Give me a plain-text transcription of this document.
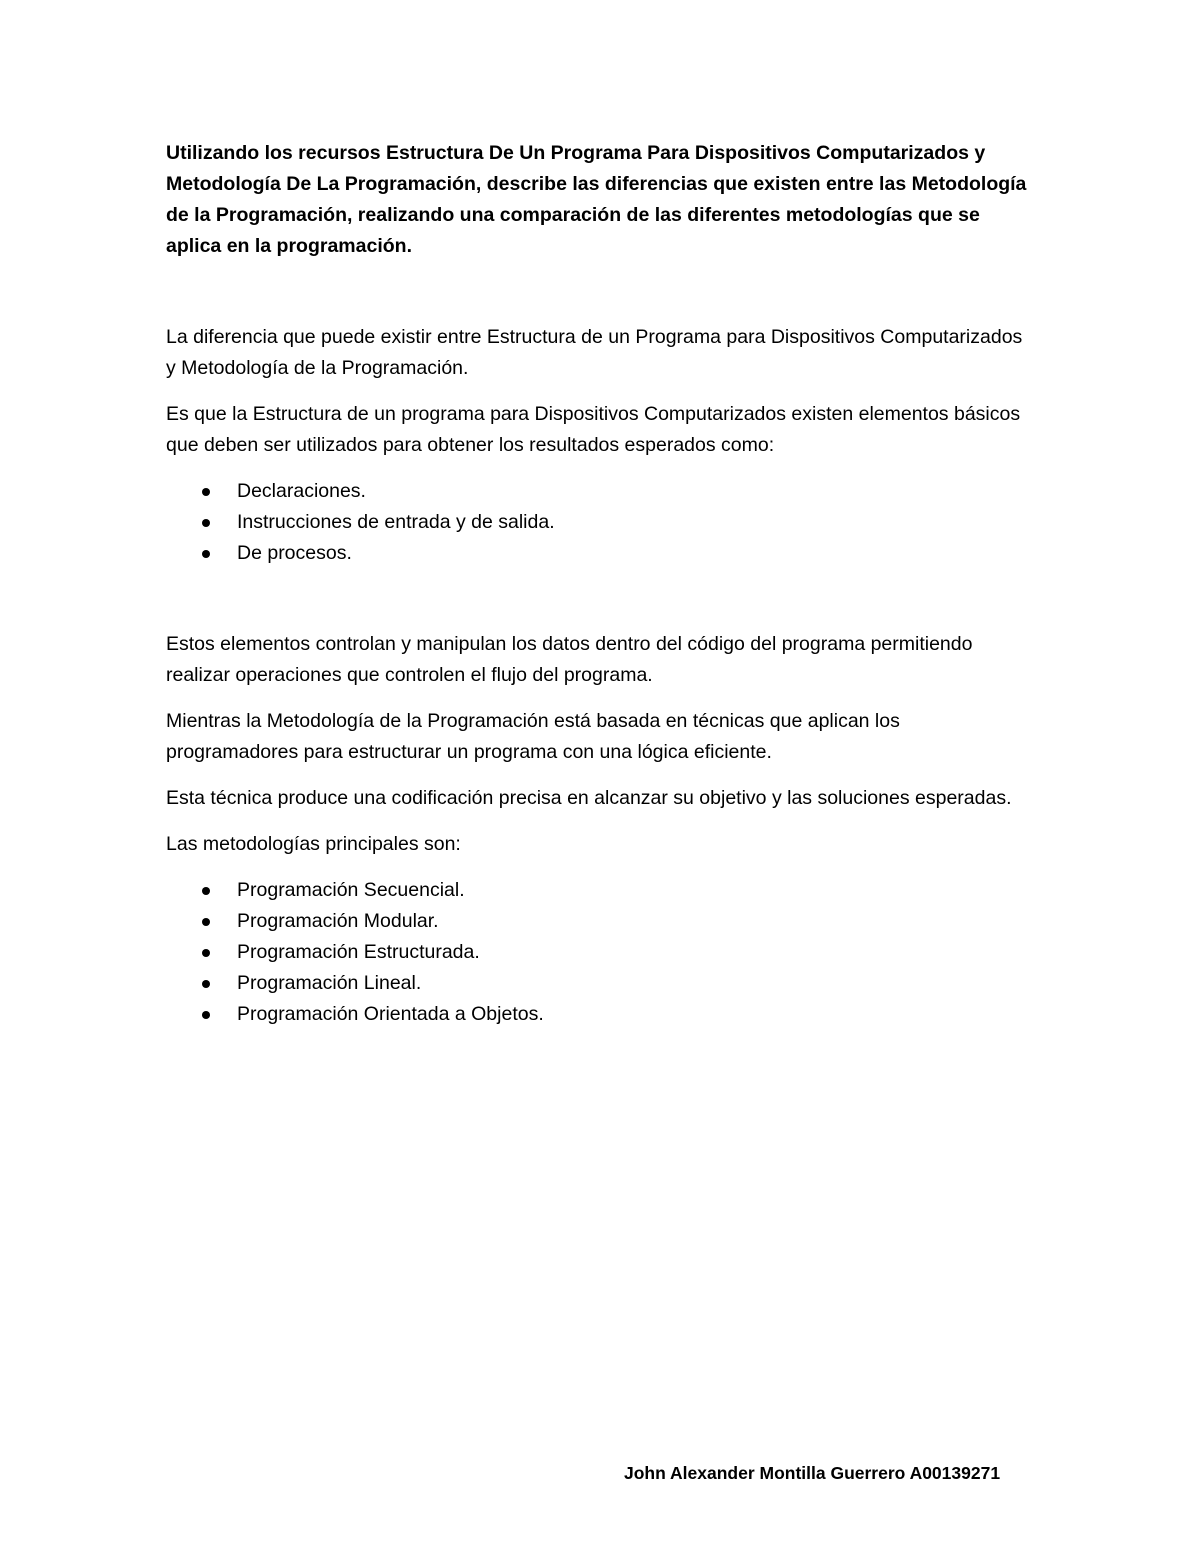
Utilizando los recursos Estructura De Un Programa Para Dispositivos Computarizados y Metodología De La Programación, describe las diferencias que existen entre las Metodología de la Programación, realizando una comparación de las diferentes metodologías que se aplica en la programación.

La diferencia que puede existir entre Estructura de un Programa para Dispositivos Computarizados y Metodología de la Programación.

Es que la Estructura de un programa para Dispositivos Computarizados existen elementos básicos que deben ser utilizados para obtener los resultados esperados como:

Declaraciones.
Instrucciones de entrada y de salida.
De procesos.

Estos elementos controlan y manipulan los datos dentro del código del programa permitiendo realizar operaciones que controlen el flujo del programa.

Mientras la Metodología de la Programación está basada en técnicas que aplican los programadores para estructurar un programa con una lógica eficiente.

Esta técnica produce una codificación precisa en alcanzar su objetivo y las soluciones esperadas.

Las metodologías principales son:

Programación Secuencial.
Programación Modular.
Programación Estructurada.
Programación Lineal.
Programación Orientada a Objetos.
John Alexander Montilla Guerrero A00139271
